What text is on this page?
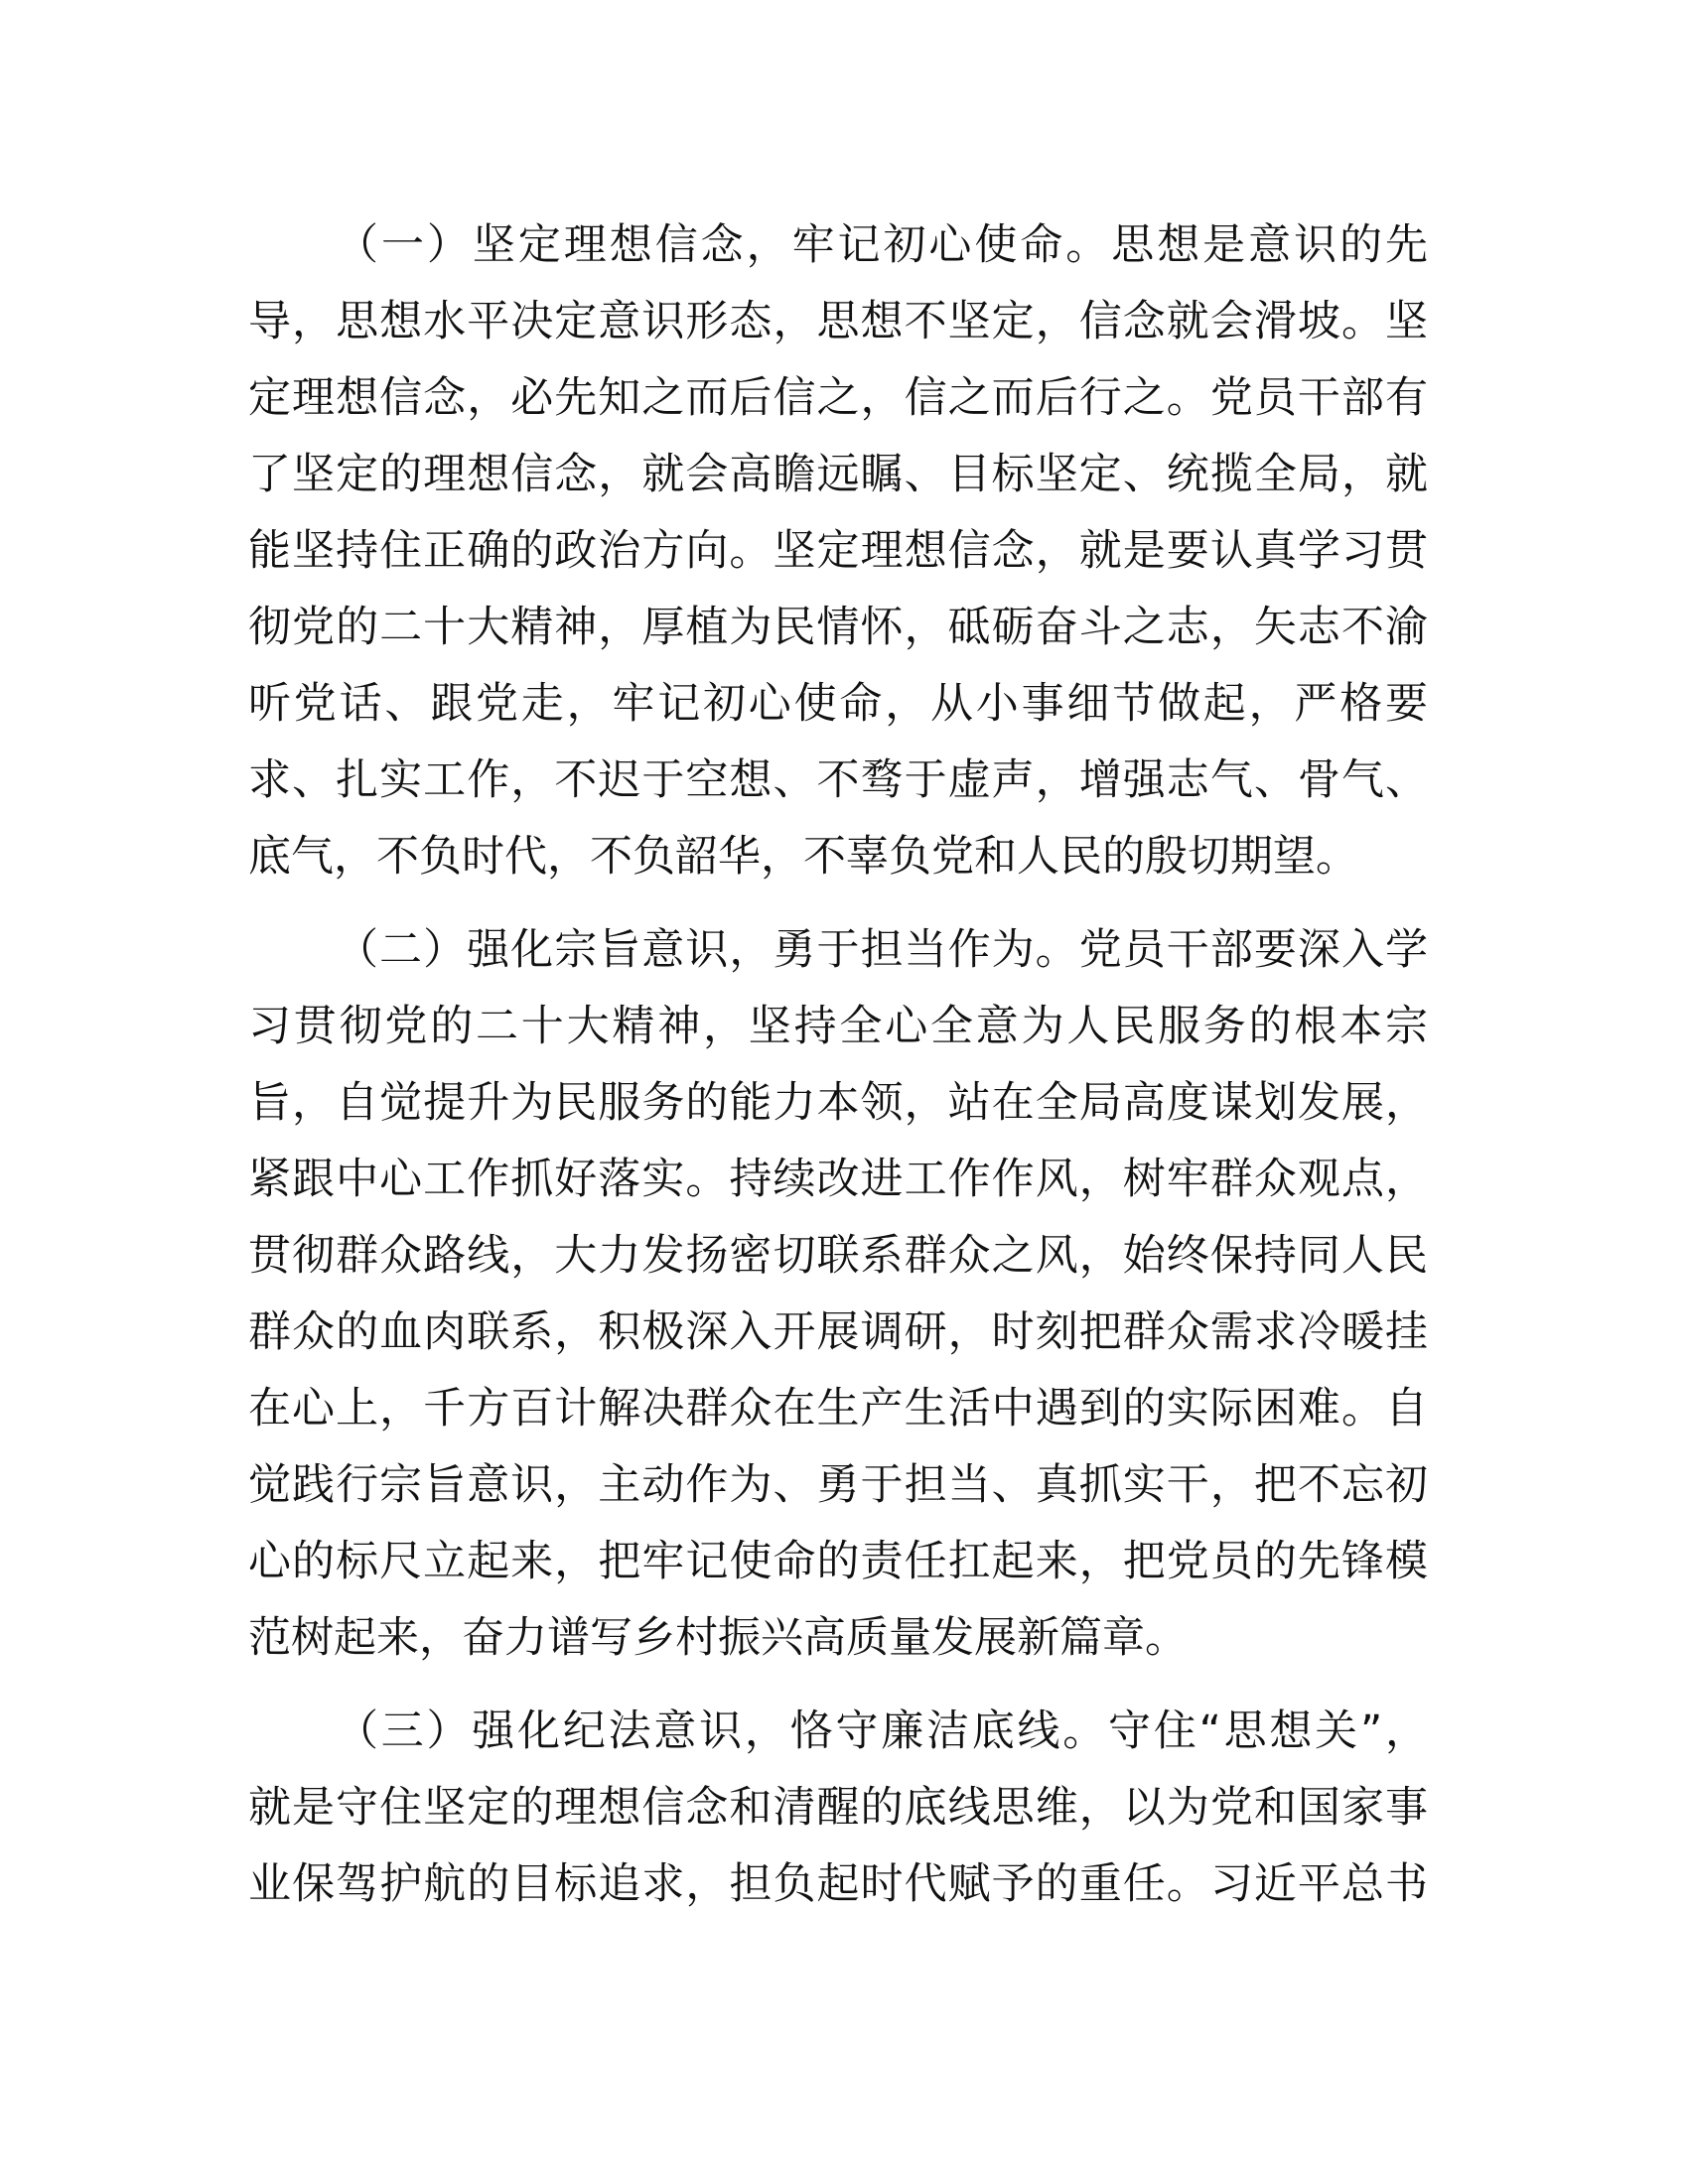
（一）坚定理想信念，牢记初心使命。思想是意识的先
导，思想水平决定意识形态，思想不坚定，信念就会滑坡。坚
定理想信念，必先知之而后信之，信之而后行之。党员干部有
了坚定的理想信念，就会高瞻远瞩、目标坚定、统揽全局，就
能坚持住正确的政治方向。坚定理想信念，就是要认真学习贯
彻党的二十大精神，厚植为民情怀，砥砺奋斗之志，矢志不渝
听党话、跟党走，牢记初心使命，从小事细节做起，严格要
求、扎实工作，不迟于空想、不骛于虚声，增强志气、骨气、
底气，不负时代，不负韶华，不辜负党和人民的殷切期望。
（二）强化宗旨意识，勇于担当作为。党员干部要深入学
习贯彻党的二十大精神，坚持全心全意为人民服务的根本宗
旨，自觉提升为民服务的能力本领，站在全局高度谋划发展，
紧跟中心工作抓好落实。持续改进工作作风，树牢群众观点，
贯彻群众路线，大力发扬密切联系群众之风，始终保持同人民
群众的血肉联系，积极深入开展调研，时刻把群众需求冷暖挂
在心上，千方百计解决群众在生产生活中遇到的实际困难。自
觉践行宗旨意识，主动作为、勇于担当、真抓实干，把不忘初
心的标尺立起来，把牢记使命的责任扛起来，把党员的先锋模
范树起来，奋力谱写乡村振兴高质量发展新篇章。
（三）强化纪法意识，恪守廉洁底线。守住“思想关”，
就是守住坚定的理想信念和清醒的底线思维，以为党和国家事
业保驾护航的目标追求，担负起时代赋予的重任。习近平总书
